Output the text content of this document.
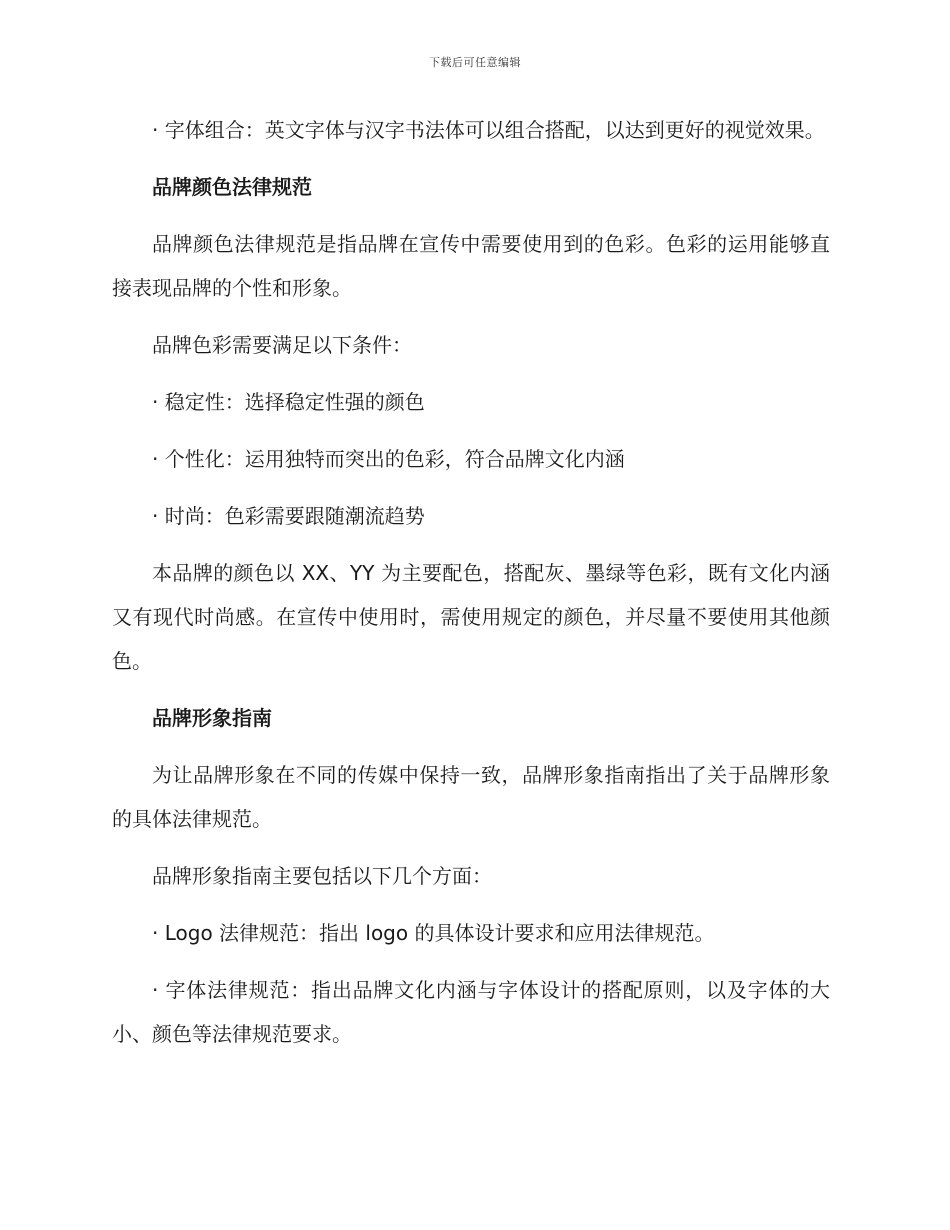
下载后可任意编辑

· 字体组合：英文字体与汉字书法体可以组合搭配，以达到更好的视觉效果。

品牌颜色法律规范

品牌颜色法律规范是指品牌在宣传中需要使用到的色彩。色彩的运用能够直接表现品牌的个性和形象。

品牌色彩需要满足以下条件：

· 稳定性：选择稳定性强的颜色

· 个性化：运用独特而突出的色彩，符合品牌文化内涵

· 时尚：色彩需要跟随潮流趋势

本品牌的颜色以 XX、YY 为主要配色，搭配灰、墨绿等色彩，既有文化内涵又有现代时尚感。在宣传中使用时，需使用规定的颜色，并尽量不要使用其他颜色。

品牌形象指南

为让品牌形象在不同的传媒中保持一致，品牌形象指南指出了关于品牌形象的具体法律规范。

品牌形象指南主要包括以下几个方面：

· Logo 法律规范：指出 logo 的具体设计要求和应用法律规范。

· 字体法律规范：指出品牌文化内涵与字体设计的搭配原则，以及字体的大小、颜色等法律规范要求。
